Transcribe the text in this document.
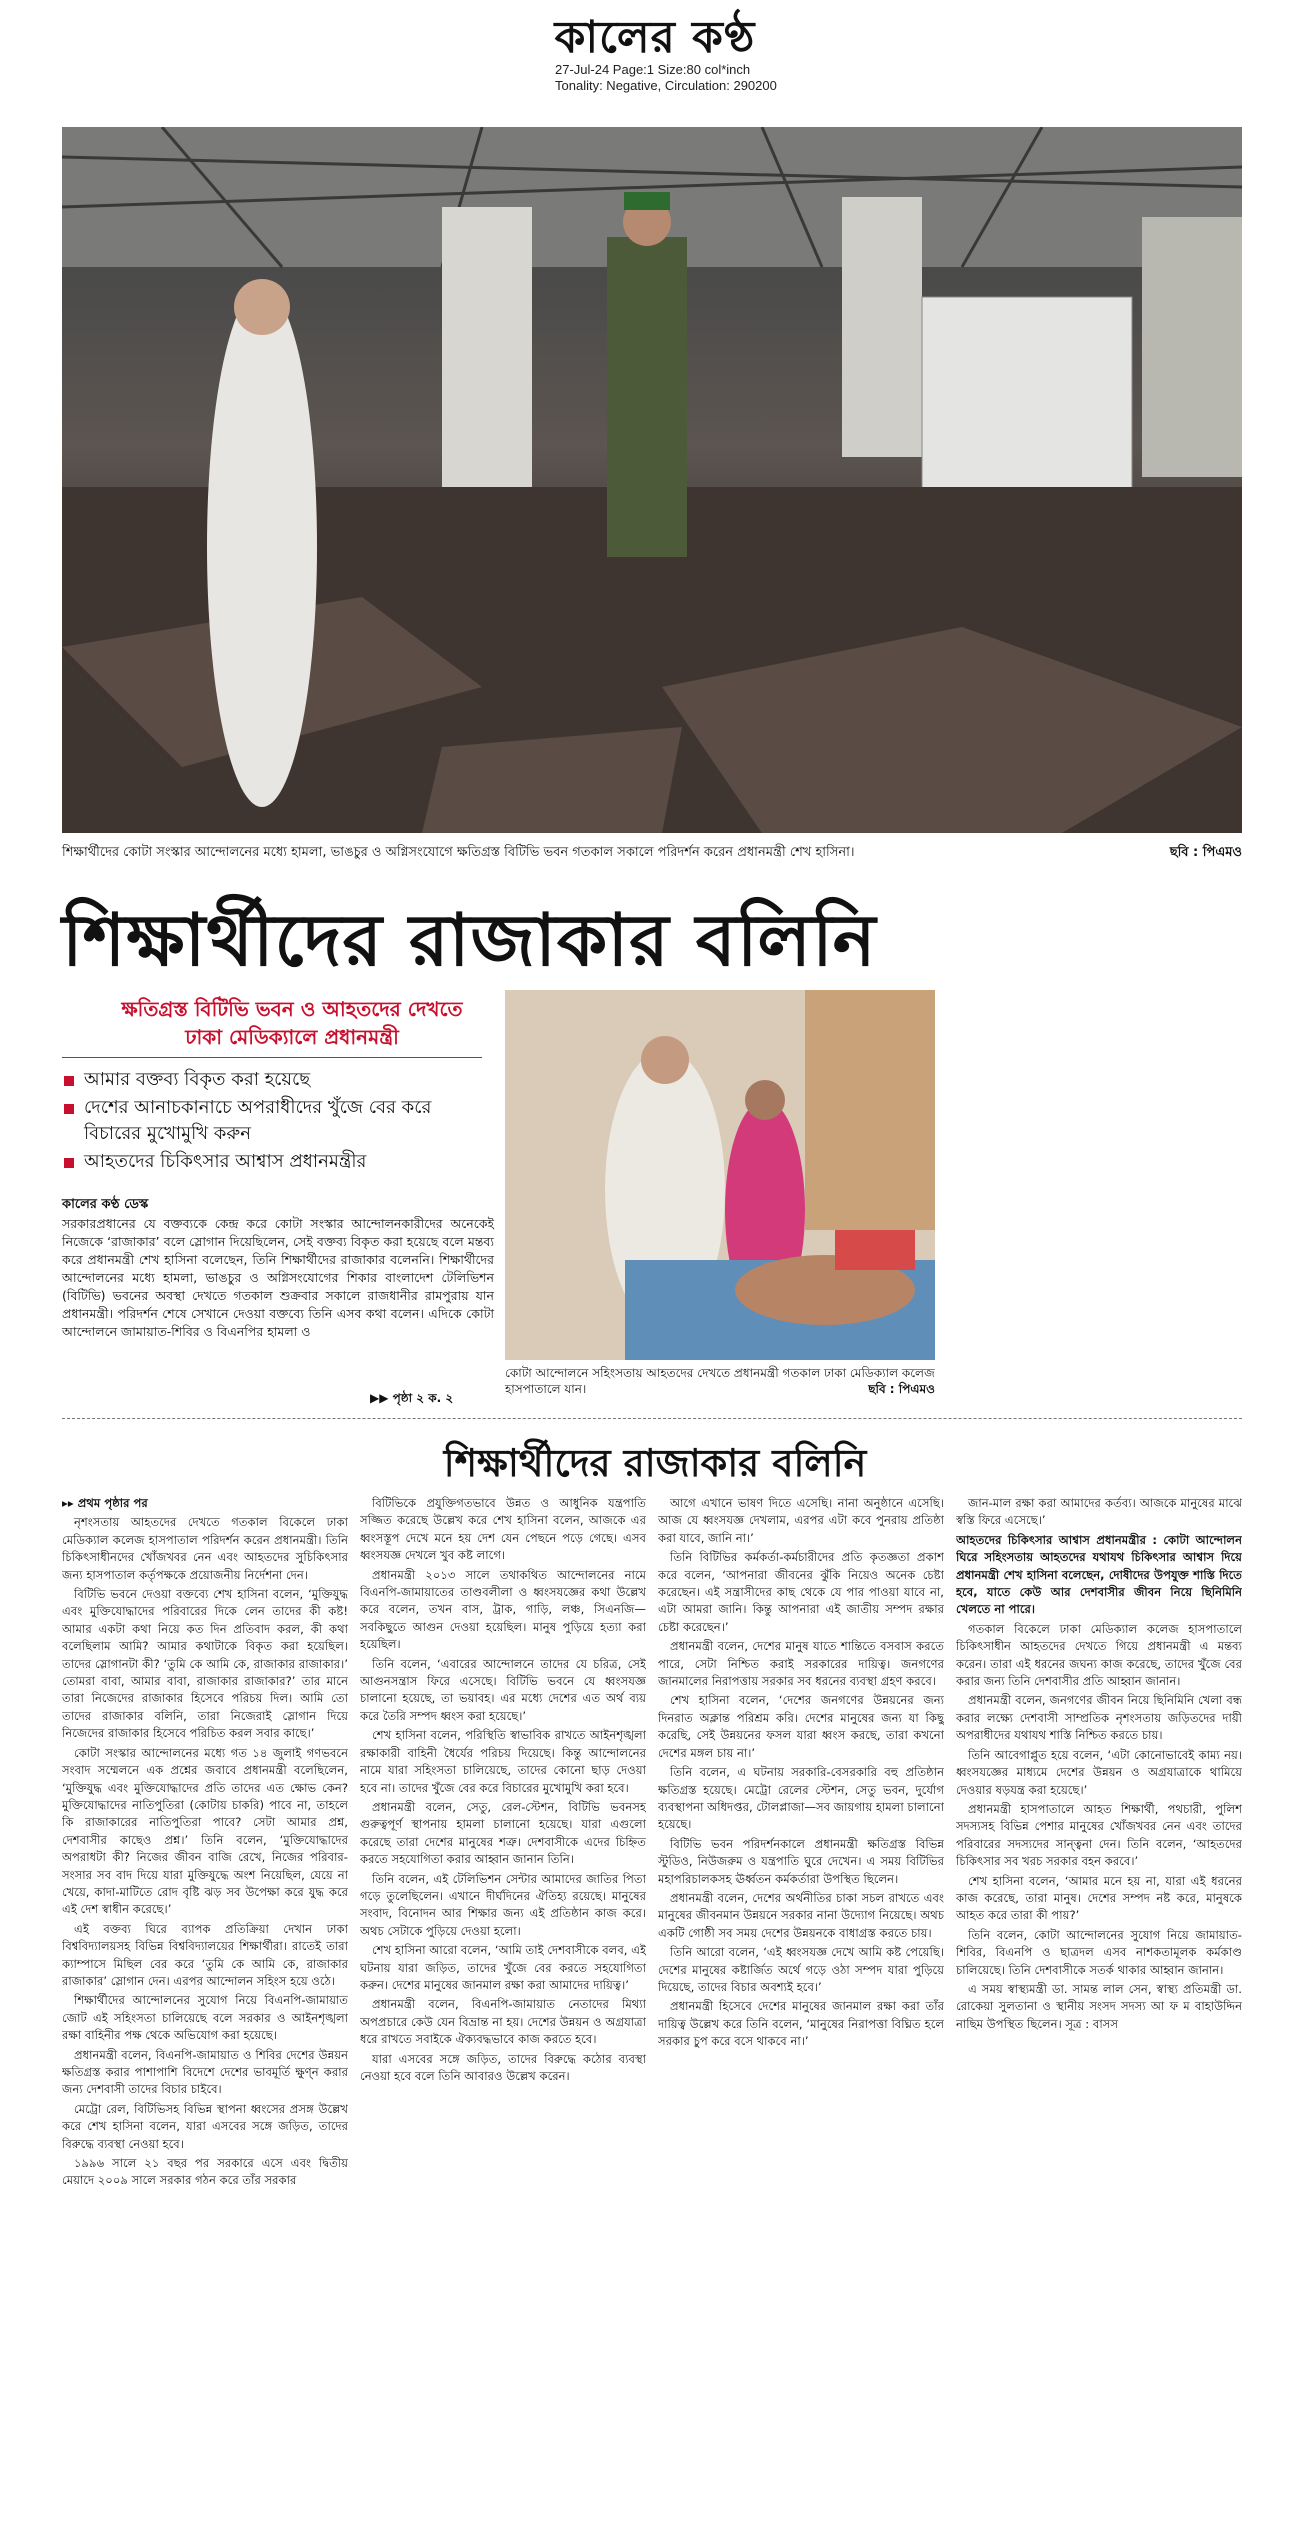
কালের কণ্ঠ
27-Jul-24 Page:1 Size:80 col*inch
Tonality: Negative, Circulation: 290200
শিক্ষার্থীদের কোটা সংস্কার আন্দোলনের মধ্যে হামলা, ভাঙচুর ও অগ্নিসংযোগে ক্ষতিগ্রস্ত বিটিভি ভবন গতকাল সকালে পরিদর্শন করেন প্রধানমন্ত্রী শেখ হাসিনা।	ছবি : পিএমও
শিক্ষার্থীদের রাজাকার বলিনি
ক্ষতিগ্রস্ত বিটিভি ভবন ও আহতদের দেখতে ঢাকা মেডিক্যালে প্রধানমন্ত্রী
আমার বক্তব্য বিকৃত করা হয়েছে
দেশের আনাচকানাচে অপরাধীদের খুঁজে বের করে বিচারের মুখোমুখি করুন
আহতদের চিকিৎসার আশ্বাস প্রধানমন্ত্রীর
কালের কণ্ঠ ডেস্ক
সরকারপ্রধানের যে বক্তব্যকে কেন্দ্র করে কোটা সংস্কার আন্দোলনকারীদের অনেকেই নিজেকে ‘রাজাকার’ বলে স্লোগান দিয়েছিলেন, সেই বক্তব্য বিকৃত করা হয়েছে বলে মন্তব্য করে প্রধানমন্ত্রী শেখ হাসিনা বলেছেন, তিনি শিক্ষার্থীদের রাজাকার বলেননি। শিক্ষার্থীদের আন্দোলনের মধ্যে হামলা, ভাঙচুর ও অগ্নিসংযোগের শিকার বাংলাদেশ টেলিভিশন (বিটিভি) ভবনের অবস্থা দেখতে গতকাল শুক্রবার সকালে রাজধানীর রামপুরায় যান প্রধানমন্ত্রী। পরিদর্শন শেষে সেখানে দেওয়া বক্তব্যে তিনি এসব কথা বলেন। এদিকে কোটা আন্দোলনে জামায়াত-শিবির ও বিএনপির হামলা ও
▶▶ পৃষ্ঠা ২ ক. ২
কোটা আন্দোলনে সহিংসতায় আহতদের দেখতে প্রধানমন্ত্রী গতকাল ঢাকা মেডিক্যাল কলেজ হাসপাতালে যান।	ছবি : পিএমও
শিক্ষার্থীদের রাজাকার বলিনি

▸▸ প্রথম পৃষ্ঠার পর

নৃশংসতায় আহতদের দেখতে গতকাল বিকেলে ঢাকা মেডিক্যাল কলেজ হাসপাতাল পরিদর্শন করেন প্রধানমন্ত্রী। তিনি চিকিৎসাধীনদের খোঁজখবর নেন এবং আহতদের সুচিকিৎসার জন্য হাসপাতাল কর্তৃপক্ষকে প্রয়োজনীয় নির্দেশনা দেন।

বিটিভি ভবনে দেওয়া বক্তব্যে শেখ হাসিনা বলেন, ‘মুক্তিযুদ্ধ এবং মুক্তিযোদ্ধাদের পরিবারের দিকে লেন তাদের কী কষ্ট! আমার একটা কথা নিয়ে কত দিন প্রতিবাদ করল, কী কথা বলেছিলাম আমি? আমার কথাটাকে বিকৃত করা হয়েছিল। তাদের স্লোগানটা কী? ‘তুমি কে আমি কে, রাজাকার রাজাকার।’ তোমরা বাবা, আমার বাবা, রাজাকার রাজাকার?’ তার মানে তারা নিজেদের রাজাকার হিসেবে পরিচয় দিল। আমি তো তাদের রাজাকার বলিনি, তারা নিজেরাই স্লোগান দিয়ে নিজেদের রাজাকার হিসেবে পরিচিত করল সবার কাছে।’

কোটা সংস্কার আন্দোলনের মধ্যে গত ১৪ জুলাই গণভবনে সংবাদ সম্মেলনে এক প্রশ্নের জবাবে প্রধানমন্ত্রী বলেছিলেন, ‘মুক্তিযুদ্ধ এবং মুক্তিযোদ্ধাদের প্রতি তাদের এত ক্ষোভ কেন? মুক্তিযোদ্ধাদের নাতিপুতিরা (কোটায় চাকরি) পাবে না, তাহলে কি রাজাকারের নাতিপুতিরা পাবে? সেটা আমার প্রশ্ন, দেশবাসীর কাছেও প্রশ্ন।’ তিনি বলেন, ‘মুক্তিযোদ্ধাদের অপরাধটা কী? নিজের জীবন বাজি রেখে, নিজের পরিবার-সংসার সব বাদ দিয়ে যারা মুক্তিযুদ্ধে অংশ নিয়েছিল, যেয়ে না খেয়ে, কাদা-মাটিতে রোদ বৃষ্টি ঝড় সব উপেক্ষা করে যুদ্ধ করে এই দেশ স্বাধীন করেছে।’

এই বক্তব্য ঘিরে ব্যাপক প্রতিক্রিয়া দেখান ঢাকা বিশ্ববিদ্যালয়সহ বিভিন্ন বিশ্ববিদ্যালয়ের শিক্ষার্থীরা। রাতেই তারা ক্যাম্পাসে মিছিল বের করে ‘তুমি কে আমি কে, রাজাকার রাজাকার’ স্লোগান দেন। এরপর আন্দোলন সহিংস হয়ে ওঠে।

শিক্ষার্থীদের আন্দোলনের সুযোগ নিয়ে বিএনপি-জামায়াত জোট এই সহিংসতা চালিয়েছে বলে সরকার ও আইনশৃঙ্খলা রক্ষা বাহিনীর পক্ষ থেকে অভিযোগ করা হয়েছে।

প্রধানমন্ত্রী বলেন, বিএনপি-জামায়াত ও শিবির দেশের উন্নয়ন ক্ষতিগ্রস্ত করার পাশাপাশি বিদেশে দেশের ভাবমূর্তি ক্ষুণ্ন করার জন্য দেশবাসী তাদের বিচার চাইবে।

মেট্রো রেল, বিটিভিসহ বিভিন্ন স্থাপনা ধ্বংসের প্রসঙ্গ উল্লেখ করে শেখ হাসিনা বলেন, যারা এসবের সঙ্গে জড়িত, তাদের বিরুদ্ধে ব্যবস্থা নেওয়া হবে।

১৯৯৬ সালে ২১ বছর পর সরকারে এসে এবং দ্বিতীয় মেয়াদে ২০০৯ সালে সরকার গঠন করে তাঁর সরকার

বিটিভিকে প্রযুক্তিগতভাবে উন্নত ও আধুনিক যন্ত্রপাতি সজ্জিত করেছে উল্লেখ করে শেখ হাসিনা বলেন, আজকে এর ধ্বংসস্তূপ দেখে মনে হয় দেশ যেন পেছনে পড়ে গেছে। এসব ধ্বংসযজ্ঞ দেখলে খুব কষ্ট লাগে।

প্রধানমন্ত্রী ২০১৩ সালে তথাকথিত আন্দোলনের নামে বিএনপি-জামায়াতের তাণ্ডবলীলা ও ধ্বংসযজ্ঞের কথা উল্লেখ করে বলেন, তখন বাস, ট্রাক, গাড়ি, লঞ্চ, সিএনজি—সবকিছুতে আগুন দেওয়া হয়েছিল। মানুষ পুড়িয়ে হত্যা করা হয়েছিল।

তিনি বলেন, ‘এবারের আন্দোলনে তাদের যে চরিত্র, সেই আগুনসন্ত্রাস ফিরে এসেছে। বিটিভি ভবনে যে ধ্বংসযজ্ঞ চালানো হয়েছে, তা ভয়াবহ। এর মধ্যে দেশের এত অর্থ ব্যয় করে তৈরি সম্পদ ধ্বংস করা হয়েছে।’

শেখ হাসিনা বলেন, পরিস্থিতি স্বাভাবিক রাখতে আইনশৃঙ্খলা রক্ষাকারী বাহিনী ধৈর্যের পরিচয় দিয়েছে। কিন্তু আন্দোলনের নামে যারা সহিংসতা চালিয়েছে, তাদের কোনো ছাড় দেওয়া হবে না। তাদের খুঁজে বের করে বিচারের মুখোমুখি করা হবে।

প্রধানমন্ত্রী বলেন, সেতু, রেল-স্টেশন, বিটিভি ভবনসহ গুরুত্বপূর্ণ স্থাপনায় হামলা চালানো হয়েছে। যারা এগুলো করেছে তারা দেশের মানুষের শত্রু। দেশবাসীকে এদের চিহ্নিত করতে সহযোগিতা করার আহ্বান জানান তিনি।

তিনি বলেন, এই টেলিভিশন সেন্টার আমাদের জাতির পিতা গড়ে তুলেছিলেন। এখানে দীর্ঘদিনের ঐতিহ্য রয়েছে। মানুষের সংবাদ, বিনোদন আর শিক্ষার জন্য এই প্রতিষ্ঠান কাজ করে। অথচ সেটাকে পুড়িয়ে দেওয়া হলো।

শেখ হাসিনা আরো বলেন, ‘আমি তাই দেশবাসীকে বলব, এই ঘটনায় যারা জড়িত, তাদের খুঁজে বের করতে সহযোগিতা করুন। দেশের মানুষের জানমাল রক্ষা করা আমাদের দায়িত্ব।’

প্রধানমন্ত্রী বলেন, বিএনপি-জামায়াত নেতাদের মিথ্যা অপপ্রচারে কেউ যেন বিভ্রান্ত না হয়। দেশের উন্নয়ন ও অগ্রযাত্রা ধরে রাখতে সবাইকে ঐক্যবদ্ধভাবে কাজ করতে হবে।

যারা এসবের সঙ্গে জড়িত, তাদের বিরুদ্ধে কঠোর ব্যবস্থা নেওয়া হবে বলে তিনি আবারও উল্লেখ করেন।

আগে এখানে ভাষণ দিতে এসেছি। নানা অনুষ্ঠানে এসেছি। আজ যে ধ্বংসযজ্ঞ দেখলাম, এরপর এটা কবে পুনরায় প্রতিষ্ঠা করা যাবে, জানি না।’

তিনি বিটিভির কর্মকর্তা-কর্মচারীদের প্রতি কৃতজ্ঞতা প্রকাশ করে বলেন, ‘আপনারা জীবনের ঝুঁকি নিয়েও অনেক চেষ্টা করেছেন। এই সন্ত্রাসীদের কাছ থেকে যে পার পাওয়া যাবে না, এটা আমরা জানি। কিন্তু আপনারা এই জাতীয় সম্পদ রক্ষার চেষ্টা করেছেন।’

প্রধানমন্ত্রী বলেন, দেশের মানুষ যাতে শান্তিতে বসবাস করতে পারে, সেটা নিশ্চিত করাই সরকারের দায়িত্ব। জনগণের জানমালের নিরাপত্তায় সরকার সব ধরনের ব্যবস্থা গ্রহণ করবে।

শেখ হাসিনা বলেন, ‘দেশের জনগণের উন্নয়নের জন্য দিনরাত অক্লান্ত পরিশ্রম করি। দেশের মানুষের জন্য যা কিছু করেছি, সেই উন্নয়নের ফসল যারা ধ্বংস করছে, তারা কখনো দেশের মঙ্গল চায় না।’

তিনি বলেন, এ ঘটনায় সরকারি-বেসরকারি বহু প্রতিষ্ঠান ক্ষতিগ্রস্ত হয়েছে। মেট্রো রেলের স্টেশন, সেতু ভবন, দুর্যোগ ব্যবস্থাপনা অধিদপ্তর, টোলপ্লাজা—সব জায়গায় হামলা চালানো হয়েছে।

বিটিভি ভবন পরিদর্শনকালে প্রধানমন্ত্রী ক্ষতিগ্রস্ত বিভিন্ন স্টুডিও, নিউজরুম ও যন্ত্রপাতি ঘুরে দেখেন। এ সময় বিটিভির মহাপরিচালকসহ ঊর্ধ্বতন কর্মকর্তারা উপস্থিত ছিলেন।

প্রধানমন্ত্রী বলেন, দেশের অর্থনীতির চাকা সচল রাখতে এবং মানুষের জীবনমান উন্নয়নে সরকার নানা উদ্যোগ নিয়েছে। অথচ একটি গোষ্ঠী সব সময় দেশের উন্নয়নকে বাধাগ্রস্ত করতে চায়।

তিনি আরো বলেন, ‘এই ধ্বংসযজ্ঞ দেখে আমি কষ্ট পেয়েছি। দেশের মানুষের কষ্টার্জিত অর্থে গড়ে ওঠা সম্পদ যারা পুড়িয়ে দিয়েছে, তাদের বিচার অবশ্যই হবে।’

প্রধানমন্ত্রী হিসেবে দেশের মানুষের জানমাল রক্ষা করা তাঁর দায়িত্ব উল্লেখ করে তিনি বলেন, ‘মানুষের নিরাপত্তা বিঘ্নিত হলে সরকার চুপ করে বসে থাকবে না।’

জান-মাল রক্ষা করা আমাদের কর্তব্য। আজকে মানুষের মাঝে স্বস্তি ফিরে এসেছে।’

আহতদের চিকিৎসার আশ্বাস প্রধানমন্ত্রীর : কোটা আন্দোলন ঘিরে সহিংসতায় আহতদের যথাযথ চিকিৎসার আশ্বাস দিয়ে প্রধানমন্ত্রী শেখ হাসিনা বলেছেন, দোষীদের উপযুক্ত শাস্তি দিতে হবে, যাতে কেউ আর দেশবাসীর জীবন নিয়ে ছিনিমিনি খেলতে না পারে।

গতকাল বিকেলে ঢাকা মেডিক্যাল কলেজ হাসপাতালে চিকিৎসাধীন আহতদের দেখতে গিয়ে প্রধানমন্ত্রী এ মন্তব্য করেন। তারা এই ধরনের জঘন্য কাজ করেছে, তাদের খুঁজে বের করার জন্য তিনি দেশবাসীর প্রতি আহ্বান জানান।

প্রধানমন্ত্রী বলেন, জনগণের জীবন নিয়ে ছিনিমিনি খেলা বন্ধ করার লক্ষ্যে দেশবাসী সাম্প্রতিক নৃশংসতায় জড়িতদের দায়ী অপরাধীদের যথাযথ শাস্তি নিশ্চিত করতে চায়।

তিনি আবেগাপ্লুত হয়ে বলেন, ‘এটা কোনোভাবেই কাম্য নয়। ধ্বংসযজ্ঞের মাধ্যমে দেশের উন্নয়ন ও অগ্রযাত্রাকে থামিয়ে দেওয়ার ষড়যন্ত্র করা হয়েছে।’

প্রধানমন্ত্রী হাসপাতালে আহত শিক্ষার্থী, পথচারী, পুলিশ সদস্যসহ বিভিন্ন পেশার মানুষের খোঁজখবর নেন এবং তাদের পরিবারের সদস্যদের সান্ত্বনা দেন। তিনি বলেন, ‘আহতদের চিকিৎসার সব খরচ সরকার বহন করবে।’

শেখ হাসিনা বলেন, ‘আমার মনে হয় না, যারা এই ধরনের কাজ করেছে, তারা মানুষ। দেশের সম্পদ নষ্ট করে, মানুষকে আহত করে তারা কী পায়?’

তিনি বলেন, কোটা আন্দোলনের সুযোগ নিয়ে জামায়াত-শিবির, বিএনপি ও ছাত্রদল এসব নাশকতামূলক কর্মকাণ্ড চালিয়েছে। তিনি দেশবাসীকে সতর্ক থাকার আহ্বান জানান।

এ সময় স্বাস্থ্যমন্ত্রী ডা. সামন্ত লাল সেন, স্বাস্থ্য প্রতিমন্ত্রী ডা. রোকেয়া সুলতানা ও স্থানীয় সংসদ সদস্য আ ফ ম বাহাউদ্দিন নাছিম উপস্থিত ছিলেন। সূত্র : বাসস
